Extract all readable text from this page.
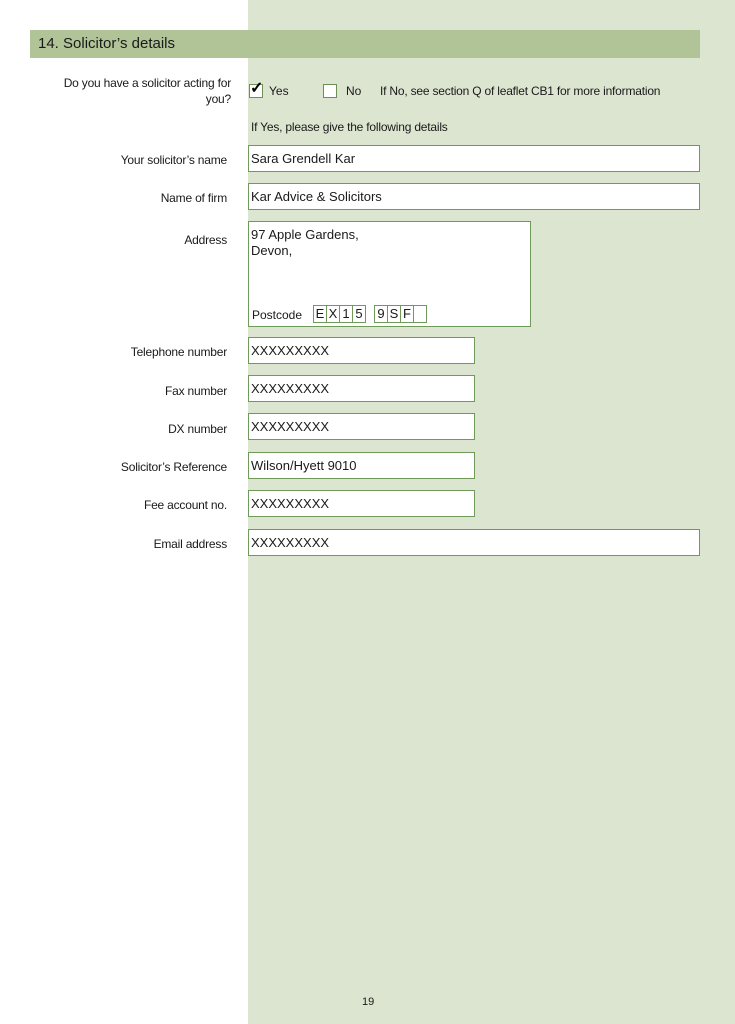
14. Solicitor’s details
Do you have a solicitor acting for you?
✓ Yes	No If No, see section Q of leaflet CB1 for more information
If Yes, please give the following details
Your solicitor’s name Sara Grendell Kar
Name of firm Kar Advice & Solicitors
Address 97 Apple Gardens,
Devon,
Postcode E X 1 5 9 S F
Telephone number XXXXXXXXX
Fax number XXXXXXXXX
DX number XXXXXXXXX
Solicitor’s Reference Wilson/Hyett 9010
Fee account no. XXXXXXXXX
Email address XXXXXXXXX
19
